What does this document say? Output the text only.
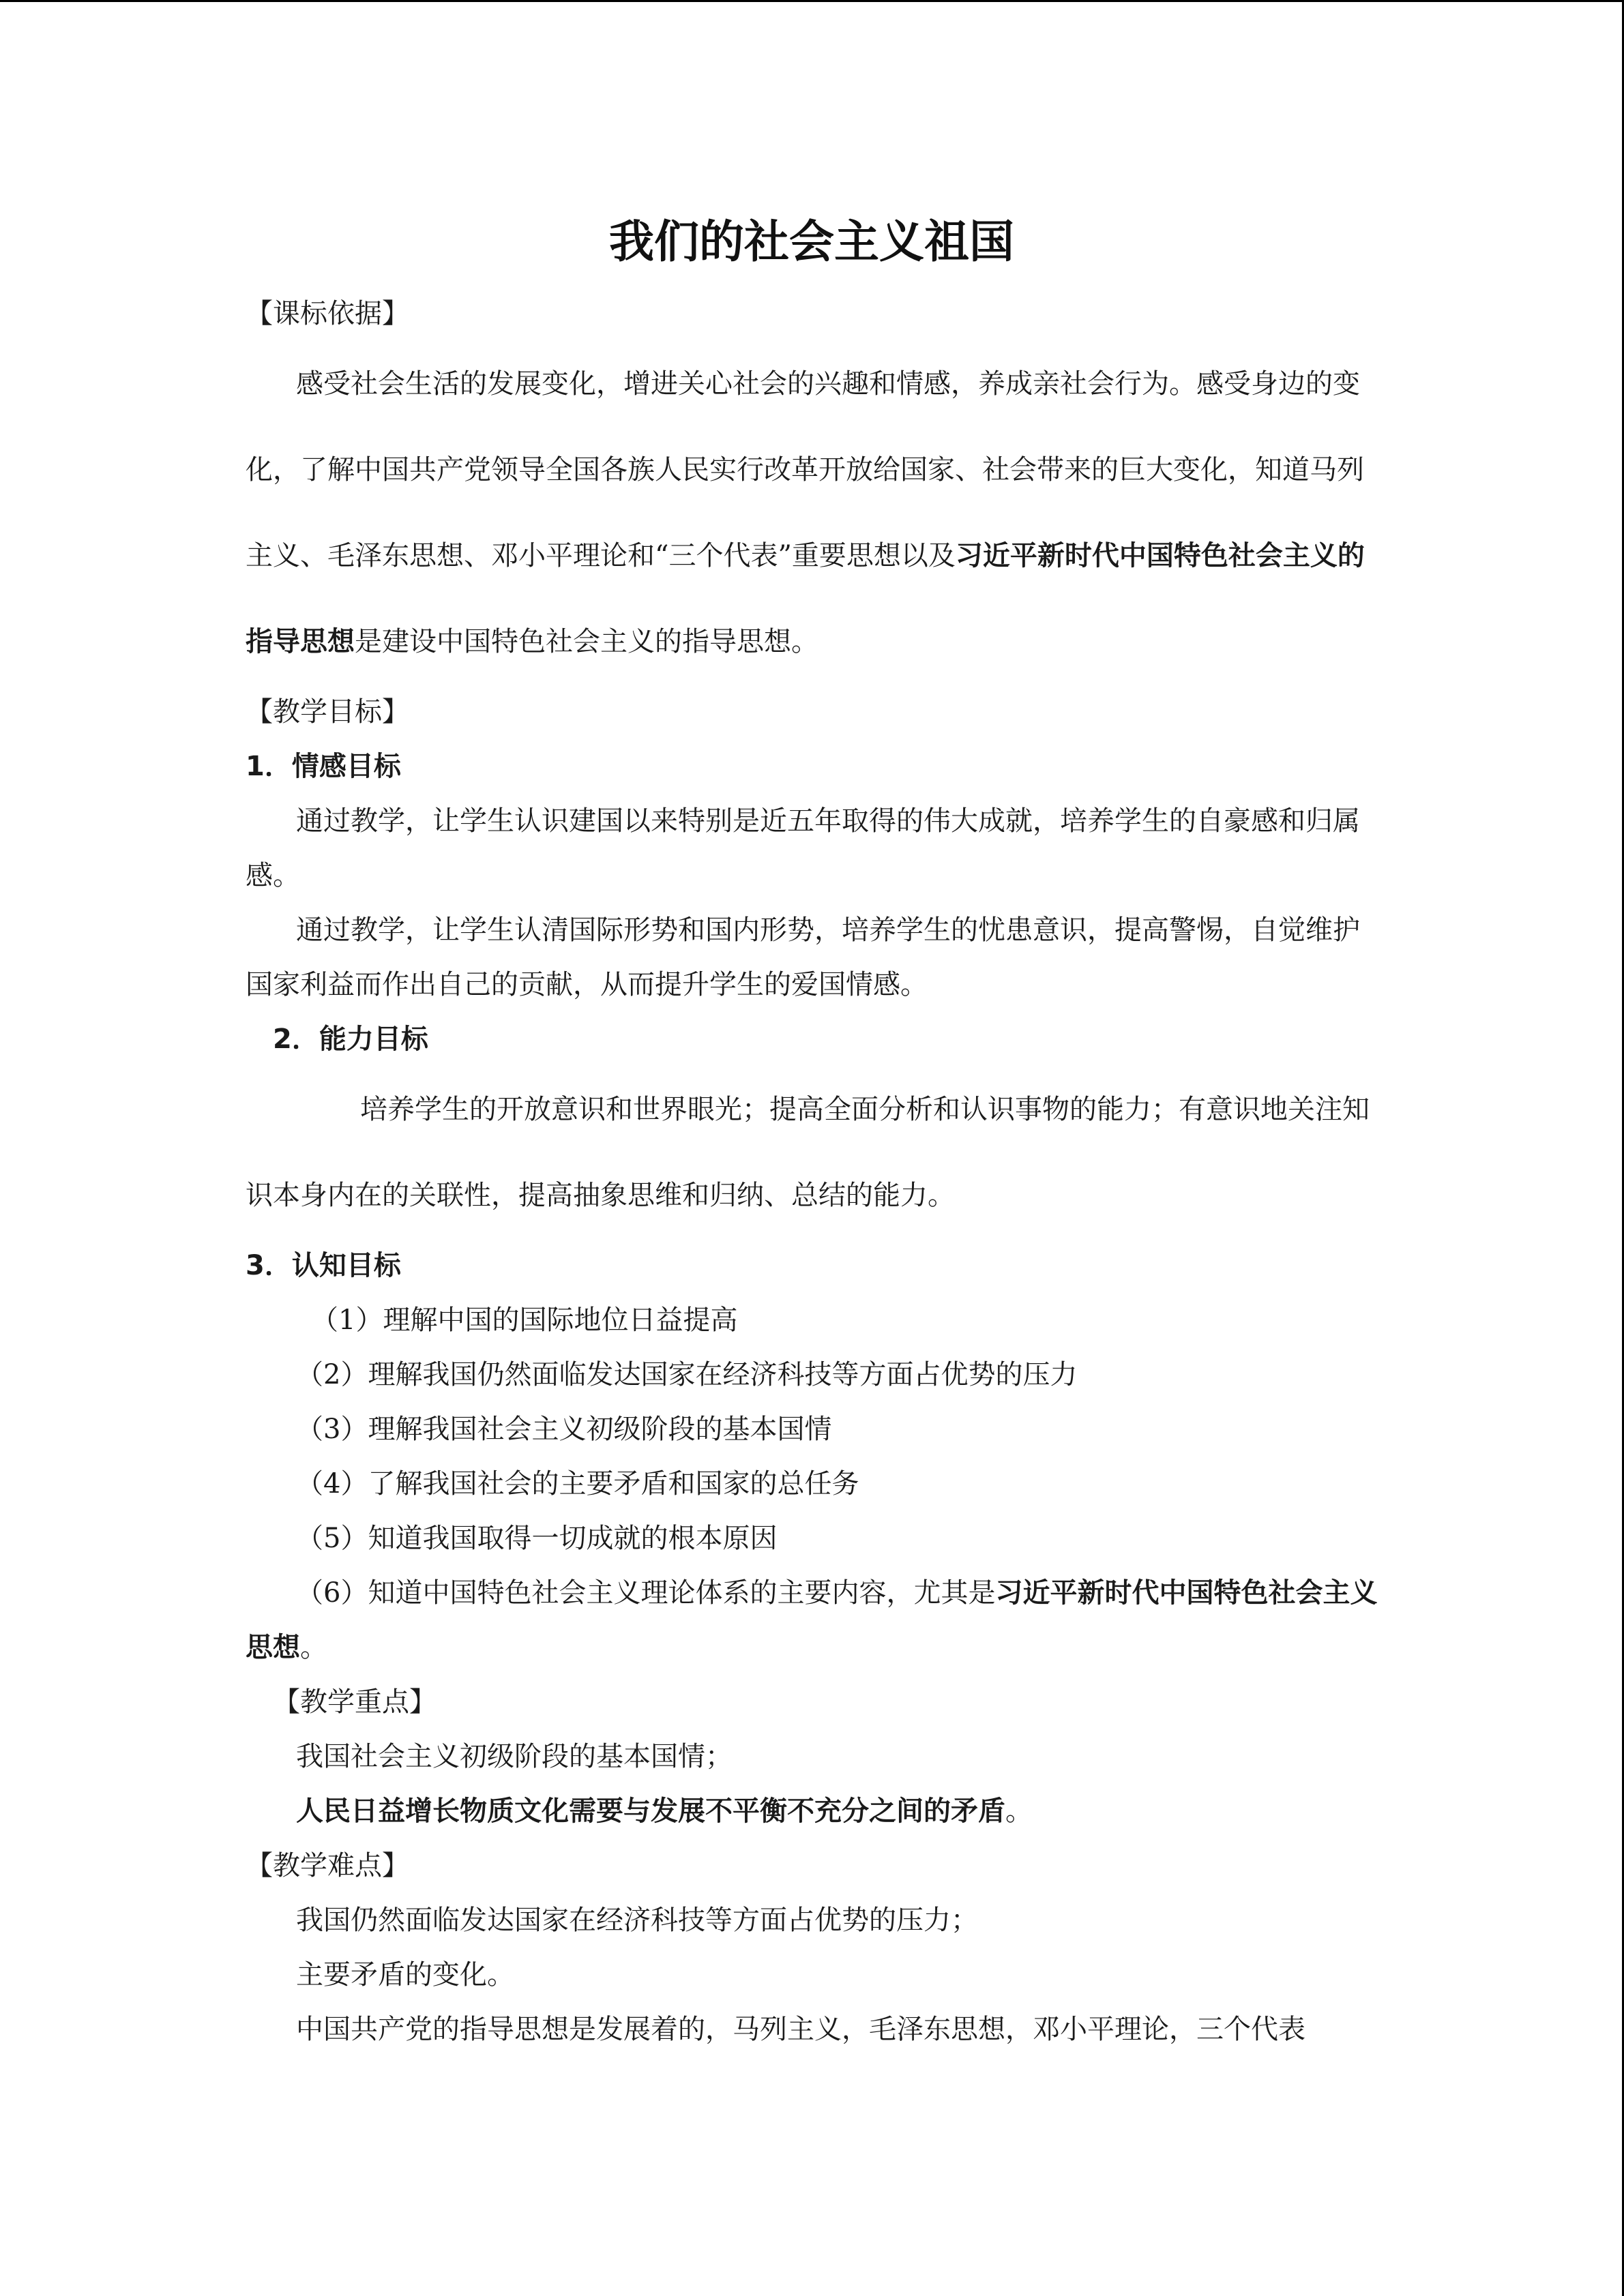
我们的社会主义祖国

【课标依据】

感受社会生活的发展变化，增进关心社会的兴趣和情感，养成亲社会行为。感受身边的变化，了解中国共产党领导全国各族人民实行改革开放给国家、社会带来的巨大变化，知道马列主义、毛泽东思想、邓小平理论和“三个代表”重要思想以及习近平新时代中国特色社会主义的指导思想是建设中国特色社会主义的指导思想。

【教学目标】

1．情感目标

通过教学，让学生认识建国以来特别是近五年取得的伟大成就，培养学生的自豪感和归属感。

通过教学，让学生认清国际形势和国内形势，培养学生的忧患意识，提高警惕，自觉维护国家利益而作出自己的贡献，从而提升学生的爱国情感。

2．能力目标

培养学生的开放意识和世界眼光；提高全面分析和认识事物的能力；有意识地关注知识本身内在的关联性，提高抽象思维和归纳、总结的能力。

3．认知目标

（1）理解中国的国际地位日益提高

（2）理解我国仍然面临发达国家在经济科技等方面占优势的压力

（3）理解我国社会主义初级阶段的基本国情

（4）了解我国社会的主要矛盾和国家的总任务

（5）知道我国取得一切成就的根本原因

（6）知道中国特色社会主义理论体系的主要内容，尤其是习近平新时代中国特色社会主义思想。

【教学重点】

我国社会主义初级阶段的基本国情；

人民日益增长物质文化需要与发展不平衡不充分之间的矛盾。

【教学难点】

我国仍然面临发达国家在经济科技等方面占优势的压力；

主要矛盾的变化。

中国共产党的指导思想是发展着的，马列主义，毛泽东思想，邓小平理论，三个代表
